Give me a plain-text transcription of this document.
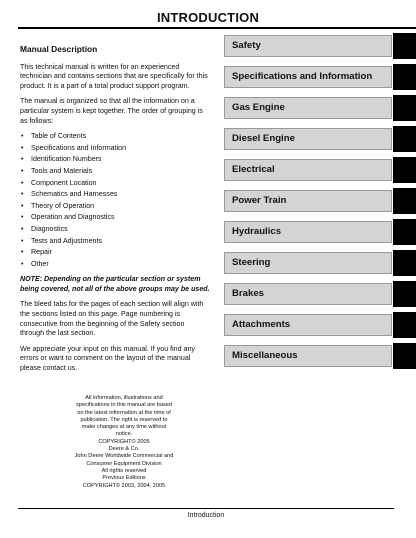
INTRODUCTION
Manual Description

This technical manual is written for an experienced technician and contains sections that are specifically for this product. It is a part of a total product support program.

The manual is organized so that all the information on a particular system is kept together. The order of grouping is as follows:

• Table of Contents
• Specifications and Information
• Identification Numbers
• Tools and Materials
• Component Location
• Schematics and Harnesses
• Theory of Operation
• Operation and Diagnostics
• Diagnostics
• Tests and Adjustments
• Repair
• Other

NOTE: Depending on the particular section or system being covered, not all of the above groups may be used.

The bleed tabs for the pages of each section will align with the sections listed on this page. Page numbering is consecutive from the beginning of the Safety section through the last section.

We appreciate your input on this manual. If you find any errors or want to comment on the layout of the manual please contact us.

All information, illustrations and
specifications in this manual are based
on the latest information at the time of
publication. The right is reserved to
make changes at any time without
notice.
COPYRIGHT© 2005
Deere & Co.
John Deere Worldwide Commercial and
Consumer Equipment Division
All rights reserved
Previous Editions
COPYRIGHT© 2003, 2004, 2005
Safety
Specifications and Information
Gas Engine
Diesel Engine
Electrical
Power Train
Hydraulics
Steering
Brakes
Attachments
Miscellaneous
Introduction
